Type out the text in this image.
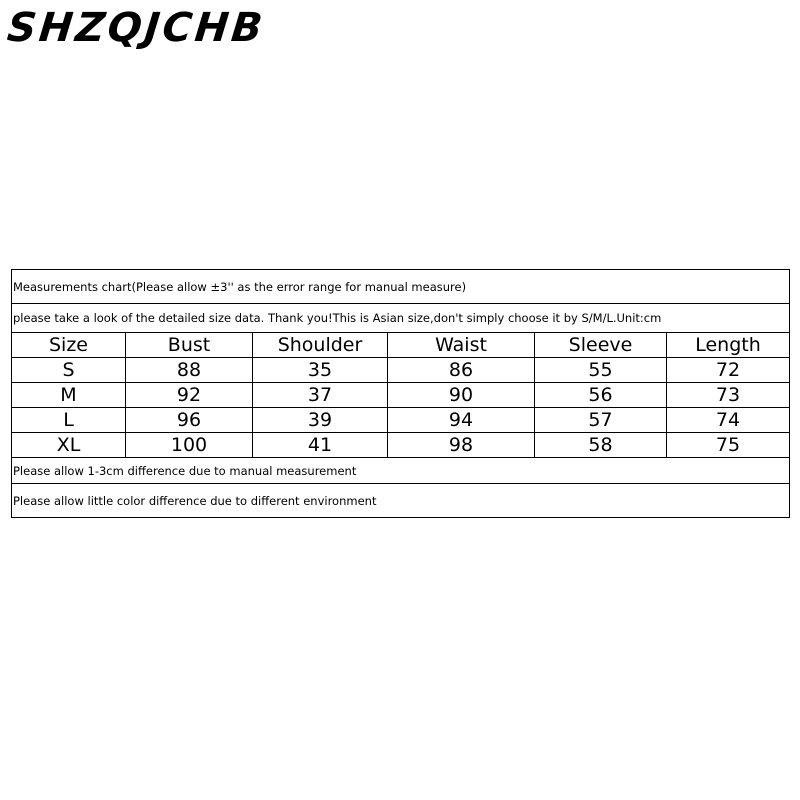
SHZQJCHB
Measurements chart(Please allow ±3'' as the error range for manual measure)					
please take a look of the detailed size data. Thank you!This is Asian size,don't simply choose it by S/M/L.Unit:cm					
Size	Bust	Shoulder	Waist	Sleeve	Length
S	88	35	86	55	72
M	92	37	90	56	73
L	96	39	94	57	74
XL	100	41	98	58	75
Please allow 1-3cm difference due to manual measurement					
Please allow little color difference due to different environment					
